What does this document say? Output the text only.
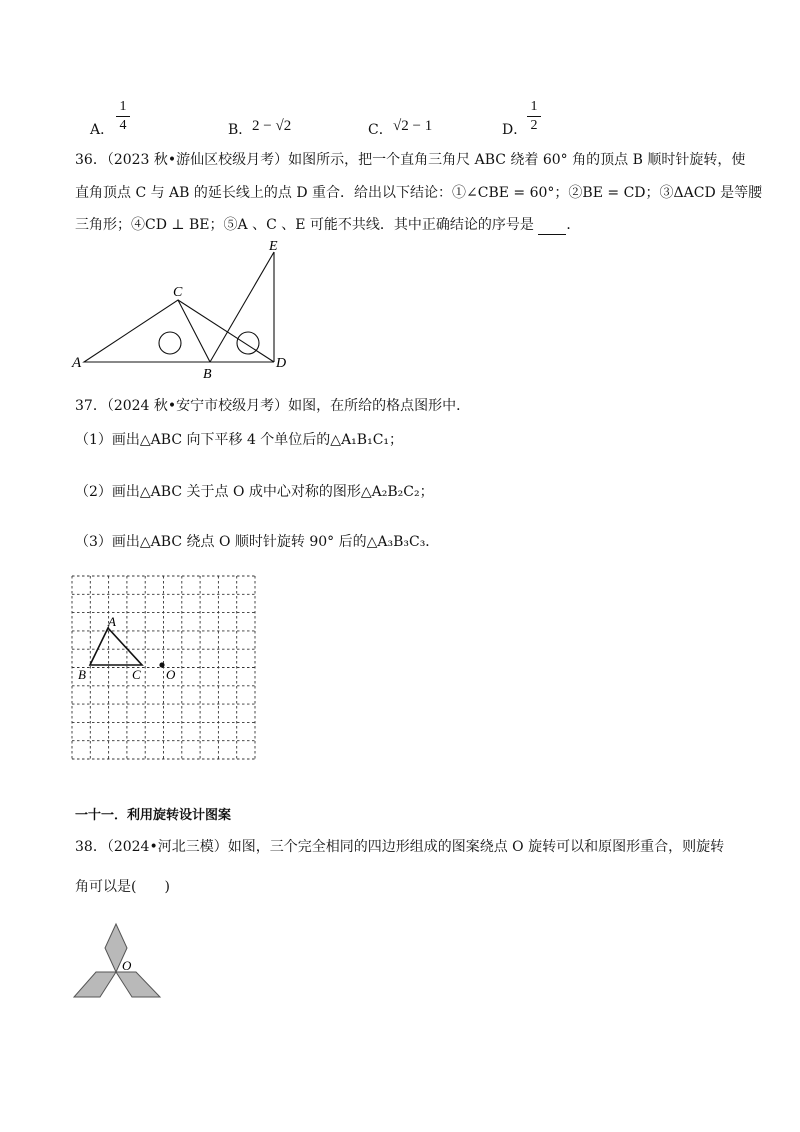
A．
1
4	B． 2 − √2	C． √2 − 1	D．
1
2
36．（2023 秋•游仙区校级月考）如图所示，把一个直角三角尺 ABC 绕着 60° 角的顶点 B 顺时针旋转，使
直角顶点 C 与 AB 的延长线上的点 D 重合．给出以下结论：①∠CBE = 60°；②BE = CD；③ΔACD 是等腰
三角形；④CD ⊥ BE；⑤A 、C 、E 可能不共线．其中正确结论的序号是 ．
A
C
B
D
E
37．（2024 秋•安宁市校级月考）如图，在所给的格点图形中．
（1）画出△ABC 向下平移 4 个单位后的△A₁B₁C₁；
（2）画出△ABC 关于点 O 成中心对称的图形△A₂B₂C₂；
（3）画出△ABC 绕点 O 顺时针旋转 90° 后的△A₃B₃C₃．
A
B	C O
一十一．利用旋转设计图案
38．（2024•河北三模）如图，三个完全相同的四边形组成的图案绕点 O 旋转可以和原图形重合，则旋转
角可以是(　　)
O
